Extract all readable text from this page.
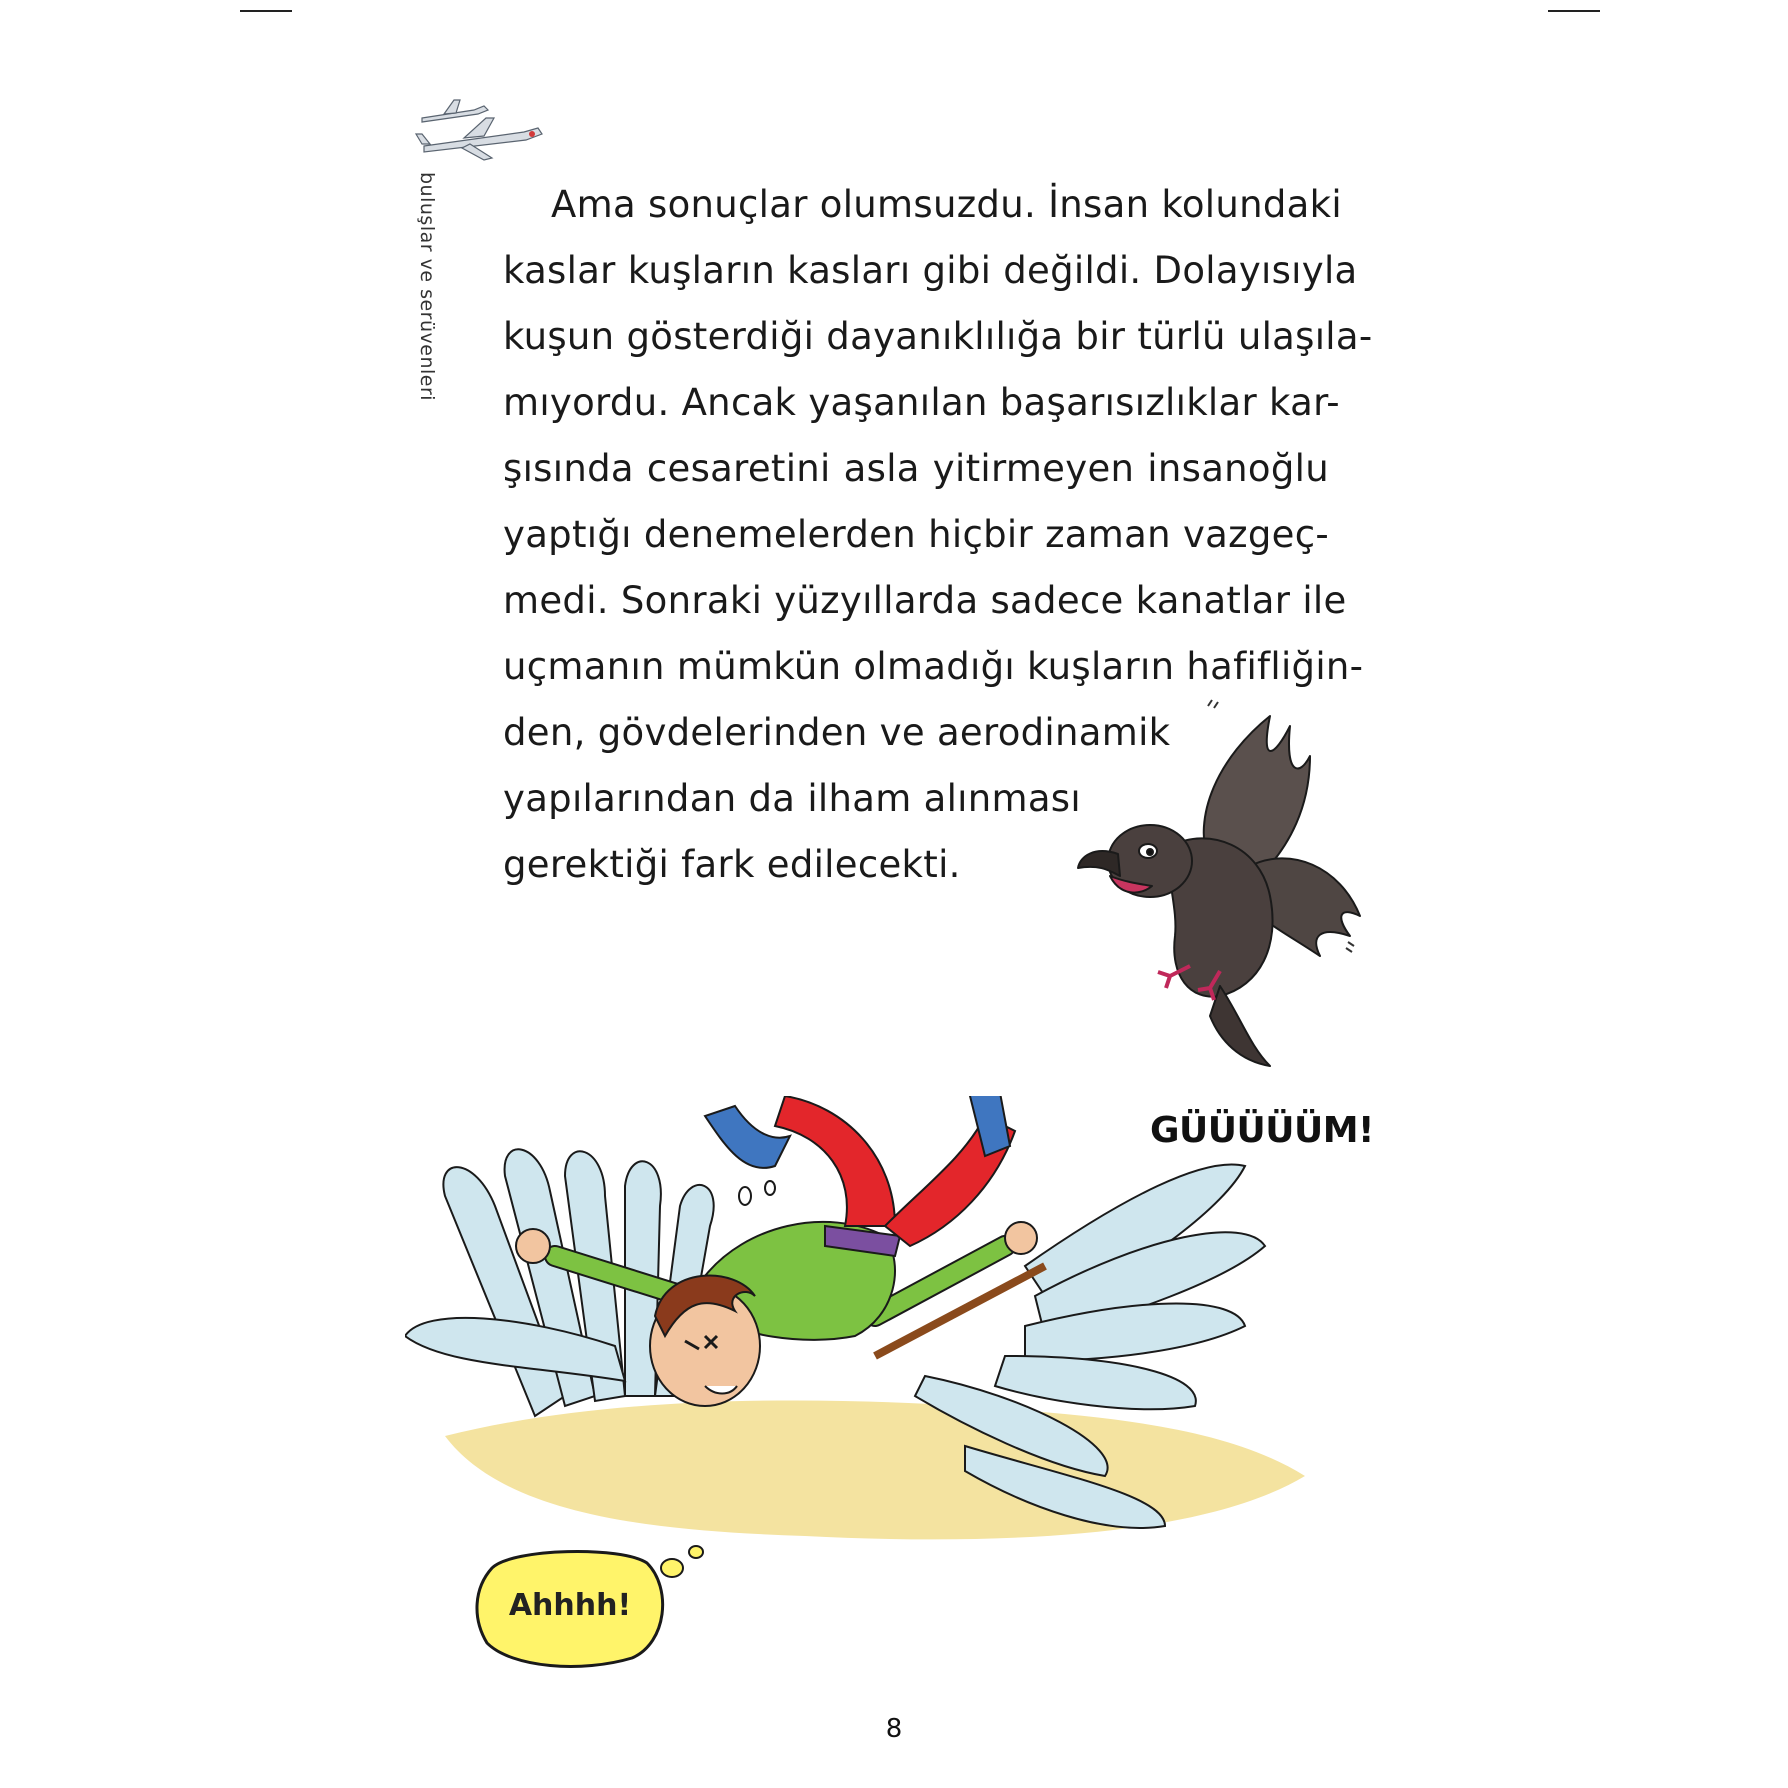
buluşlar ve serüvenleri	Ama sonuçlar olumsuzdu. İnsan kolundaki
kaslar kuşların kasları gibi değildi. Dolayısıyla
kuşun gösterdiği dayanıklılığa bir türlü ulaşıla-
mıyordu. Ancak yaşanılan başarısızlıklar kar-
şısında cesaretini asla yitirmeyen insanoğlu
yaptığı denemelerden hiçbir zaman vazgeç-
medi. Sonraki yüzyıllarda sadece kanatlar ile
uçmanın mümkün olmadığı kuşların hafifliğin-
den, gövdelerinden ve aerodinamik
yapılarından da ilham alınması
gerektiği fark edilecekti.
GÜÜÜÜÜM!
Ahhhh!
8
